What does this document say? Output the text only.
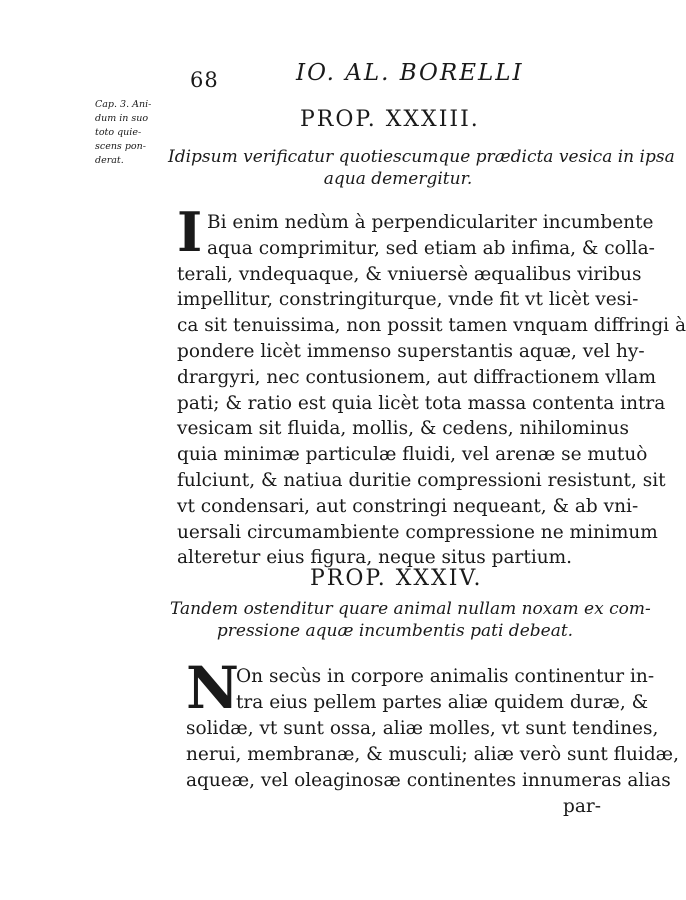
68	IO. AL. BORELLI
Cap. 3. Ani-
dum in suo
toto quie-
scens pon-
derat.
PROP. XXXIII.
Idipsum verificatur quotiescumque prædicta vesica in ipsa
aqua demergitur.
I Bi enim nedùm à perpendiculariter incumbente
aqua comprimitur, sed etiam ab infima, & colla-
terali, vndequaque, & vniuersè æqualibus viribus
impellitur, constringiturque, vnde fit vt licèt vesi-
ca sit tenuissima, non possit tamen vnquam diffringi à
pondere licèt immenso superstantis aquæ, vel hy-
drargyri, nec contusionem, aut diffractionem vllam
pati; & ratio est quia licèt tota massa contenta intra
vesicam sit fluida, mollis, & cedens, nihilominus
quia minimæ particulæ fluidi, vel arenæ se mutuò
fulciunt, & natiua duritie compressioni resistunt, sit
vt condensari, aut constringi nequeant, & ab vni-
uersali circumambiente compressione ne minimum
alteretur eius figura, neque situs partium.
PROP. XXXIV.
Tandem ostenditur quare animal nullam noxam ex com-
pressione aquæ incumbentis pati debeat.
N
On secùs in corpore animalis continentur in-
tra eius pellem partes aliæ quidem duræ, &
solidæ, vt sunt ossa, aliæ molles, vt sunt tendines,
nerui, membranæ, & musculi; aliæ verò sunt fluidæ,
aqueæ, vel oleaginosæ continentes innumeras alias
par-
